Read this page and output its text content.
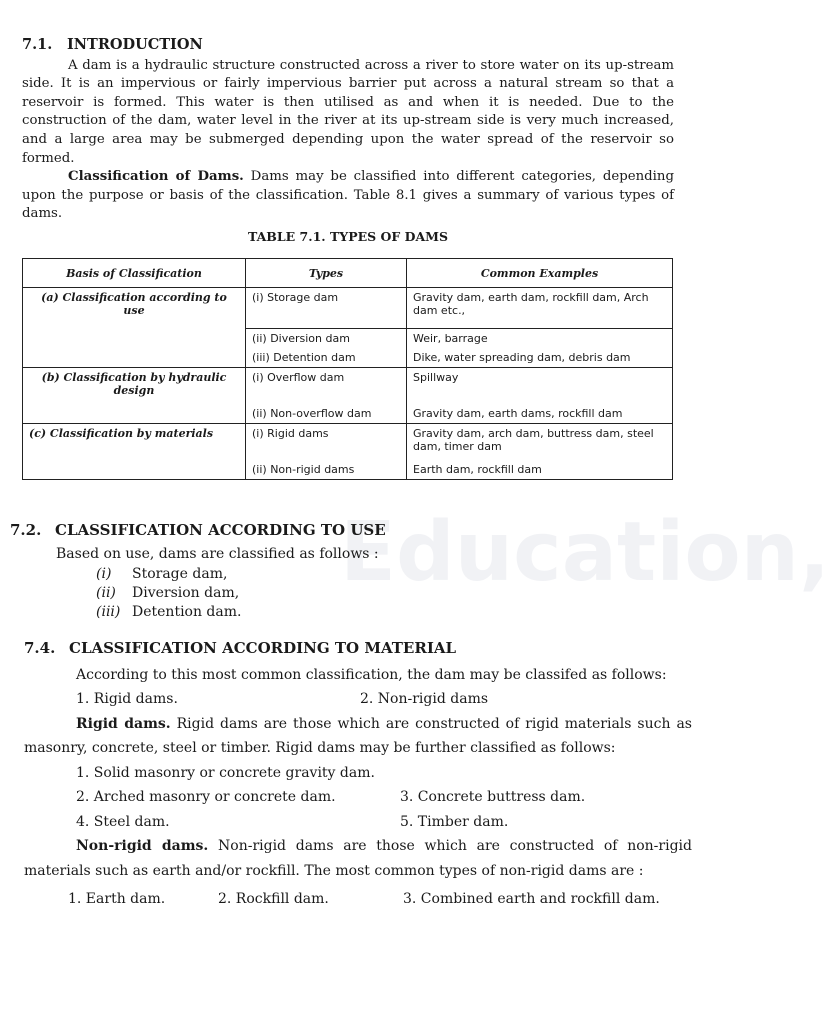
Education,
7.1. INTRODUCTION

A dam is a hydraulic structure constructed across a river to store water on its up-stream side. It is an impervious or fairly impervious barrier put across a natural stream so that a reservoir is formed. This water is then utilised as and when it is needed. Due to the construction of the dam, water level in the river at its up-stream side is very much increased, and a large area may be submerged depending upon the water spread of the reservoir so formed.

Classification of Dams. Dams may be classified into different categories, depending upon the purpose or basis of the classification. Table 8.1 gives a summary of various types of dams.

TABLE 7.1. TYPES OF DAMS
Basis of Classification	Types	Common Examples
(a) Classification according to use	(i) Storage dam	Gravity dam, earth dam, rockfill dam, Arch dam etc.,
	(ii) Diversion dam	Weir, barrage
	(iii) Detention dam	Dike, water spreading dam, debris dam
(b) Classification by hydraulic design	(i) Overflow dam	Spillway
	(ii) Non-overflow dam	Gravity dam, earth dams, rockfill dam
(c) Classification by materials	(i) Rigid dams	Gravity dam, arch dam, buttress dam, steel dam, timer dam
	(ii) Non-rigid dams	Earth dam, rockfill dam
7.2. CLASSIFICATION ACCORDING TO USE

Based on use, dams are classified as follows :

(i) Storage dam,
(ii) Diversion dam,
(iii) Detention dam.
7.4. CLASSIFICATION ACCORDING TO MATERIAL

According to this most common classification, the dam may be classifed as follows:

1. Rigid dams.	2. Non-rigid dams

Rigid dams. Rigid dams are those which are constructed of rigid materials such as masonry, concrete, steel or timber. Rigid dams may be further classified as follows:

1. Solid masonry or concrete gravity dam.
2. Arched masonry or concrete dam.	3. Concrete buttress dam.
4. Steel dam.	5. Timber dam.

Non-rigid dams. Non-rigid dams are those which are constructed of non-rigid materials such as earth and/or rockfill. The most common types of non-rigid dams are :

1. Earth dam.	2. Rockfill dam.	3. Combined earth and rockfill dam.
